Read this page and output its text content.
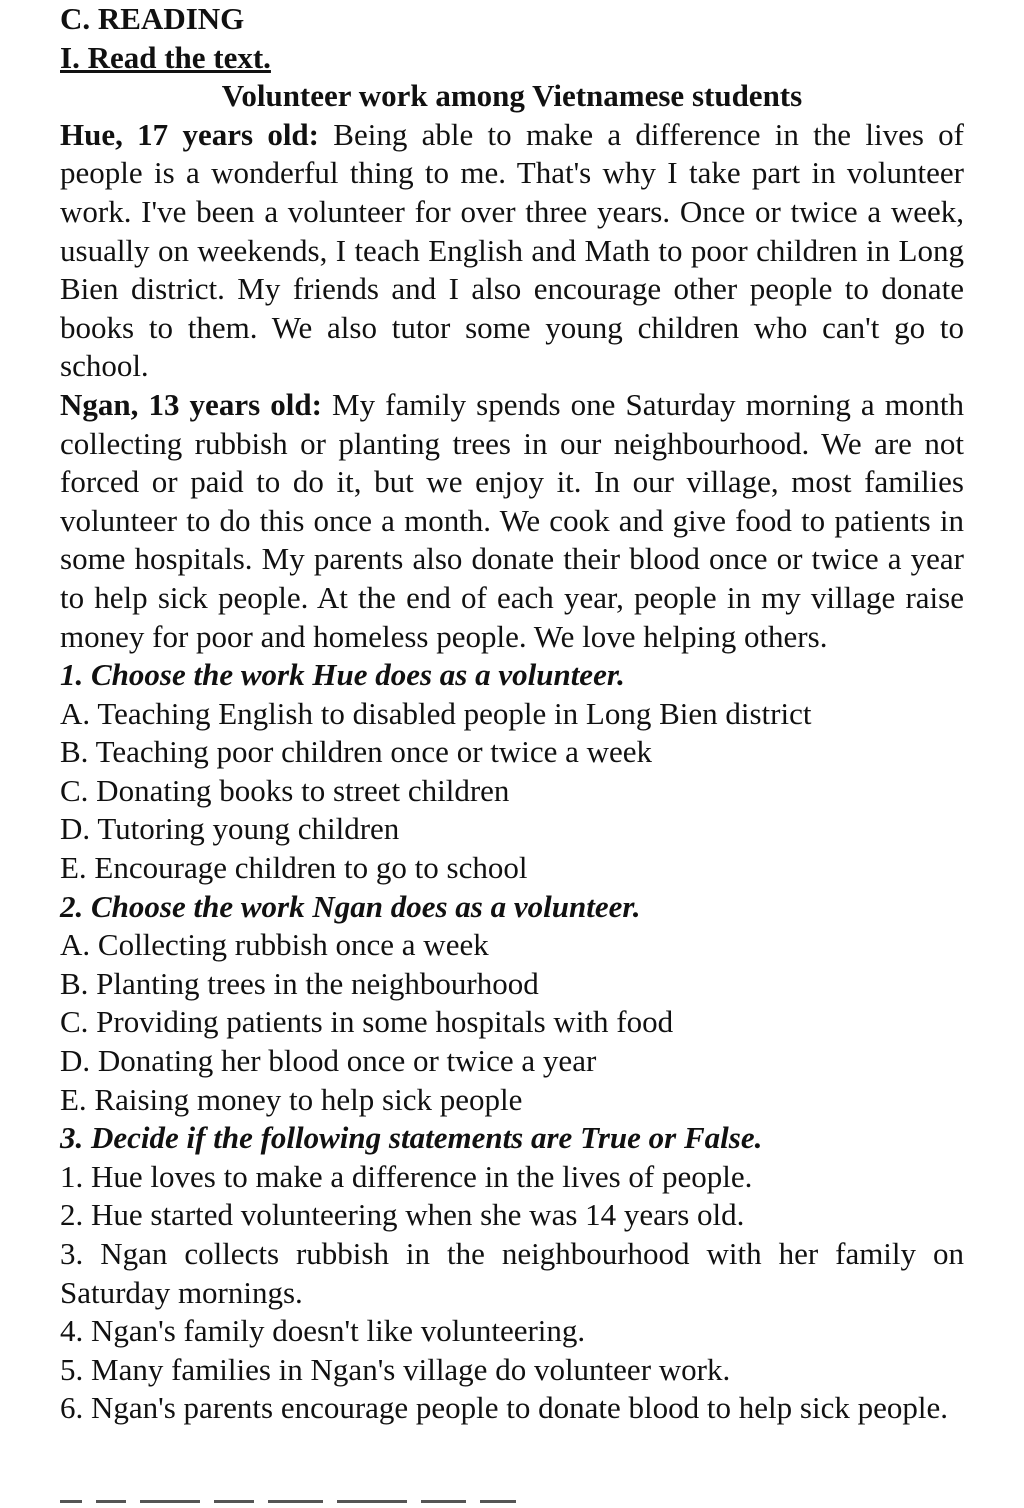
C. READING
I. Read the text.
Volunteer work among Vietnamese students

Hue, 17 years old: Being able to make a difference in the lives of people is a wonderful thing to me. That's why I take part in volunteer work. I've been a volunteer for over three years. Once or twice a week, usually on weekends, I teach English and Math to poor children in Long Bien district. My friends and I also encourage other people to donate books to them. We also tutor some young children who can't go to school.

Ngan, 13 years old: My family spends one Saturday morning a month collecting rubbish or planting trees in our neighbourhood. We are not forced or paid to do it, but we enjoy it. In our village, most families volunteer to do this once a month. We cook and give food to patients in some hospitals. My parents also donate their blood once or twice a year to help sick people. At the end of each year, people in my village raise money for poor and homeless people. We love helping others.

1. Choose the work Hue does as a volunteer.

A. Teaching English to disabled people in Long Bien district
B. Teaching poor children once or twice a week
C. Donating books to street children
D. Tutoring young children
E. Encourage children to go to school

2. Choose the work Ngan does as a volunteer.

A. Collecting rubbish once a week
B. Planting trees in the neighbourhood
C. Providing patients in some hospitals with food
D. Donating her blood once or twice a year
E. Raising money to help sick people

3. Decide if the following statements are True or False.

1. Hue loves to make a difference in the lives of people.

2. Hue started volunteering when she was 14 years old.

3. Ngan collects rubbish in the neighbourhood with her family on Saturday mornings.

4. Ngan's family doesn't like volunteering.

5. Many families in Ngan's village do volunteer work.

6. Ngan's parents encourage people to donate blood to help sick people.
